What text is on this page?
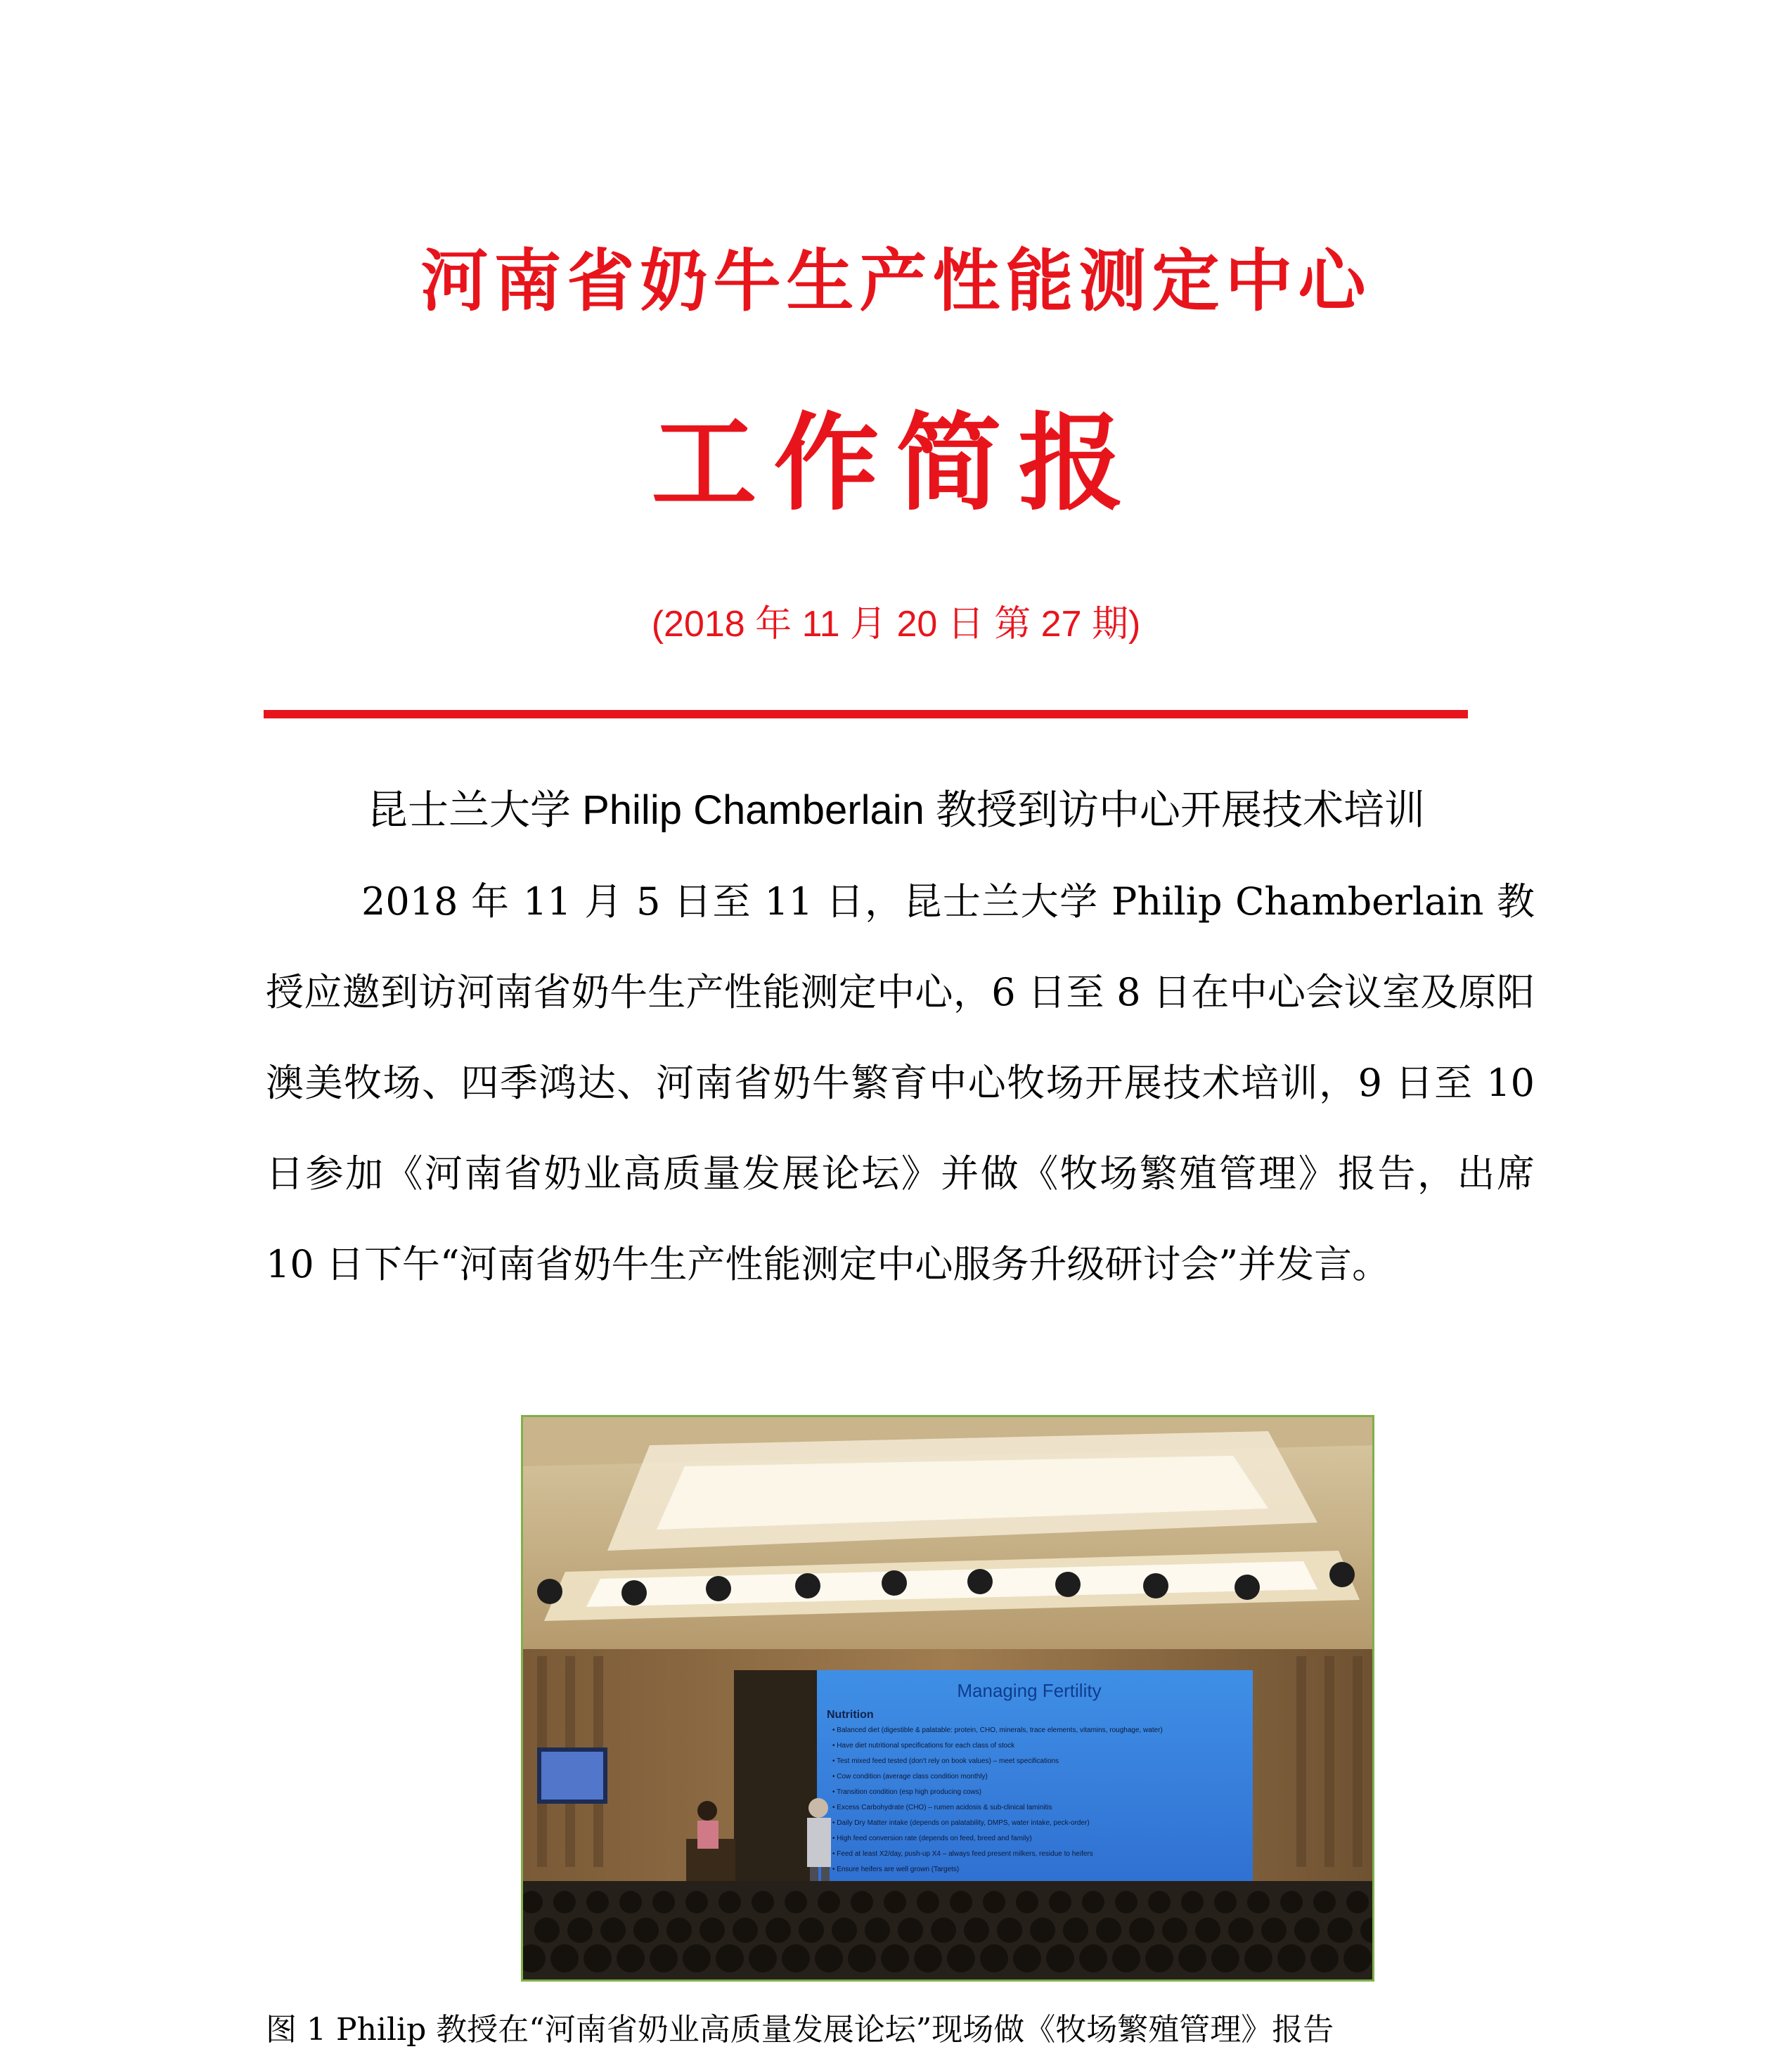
河南省奶牛生产性能测定中心
工作简报
(2018 年 11 月 20 日 第 27 期)
昆士兰大学 Philip Chamberlain 教授到访中心开展技术培训

2018 年 11 月 5 日至 11 日，昆士兰大学 Philip Chamberlain 教授应邀到访河南省奶牛生产性能测定中心，6 日至 8 日在中心会议室及原阳澳美牧场、四季鸿达、河南省奶牛繁育中心牧场开展技术培训，9 日至 10 日参加《河南省奶业高质量发展论坛》并做《牧场繁殖管理》报告，出席 10 日下午“河南省奶牛生产性能测定中心服务升级研讨会”并发言。

Managing Fertility
Nutrition
• Balanced diet (digestible & palatable: protein, CHO, minerals, trace elements, vitamins, roughage, water)
• Have diet nutritional specifications for each class of stock
• Test mixed feed tested (don't rely on book values) – meet specifications
• Cow condition (average class condition monthly)
• Transition condition (esp high producing cows)
• Excess Carbohydrate (CHO) – rumen acidosis & sub-clinical laminitis
• Daily Dry Matter intake (depends on palatability, DMPS, water intake, peck-order)
• High feed conversion rate (depends on feed, breed and family)
• Feed at least X2/day, push-up X4 – always feed present milkers, residue to heifers
• Ensure heifers are well grown (Targets)
图 1 Philip 教授在“河南省奶业高质量发展论坛”现场做《牧场繁殖管理》报告
